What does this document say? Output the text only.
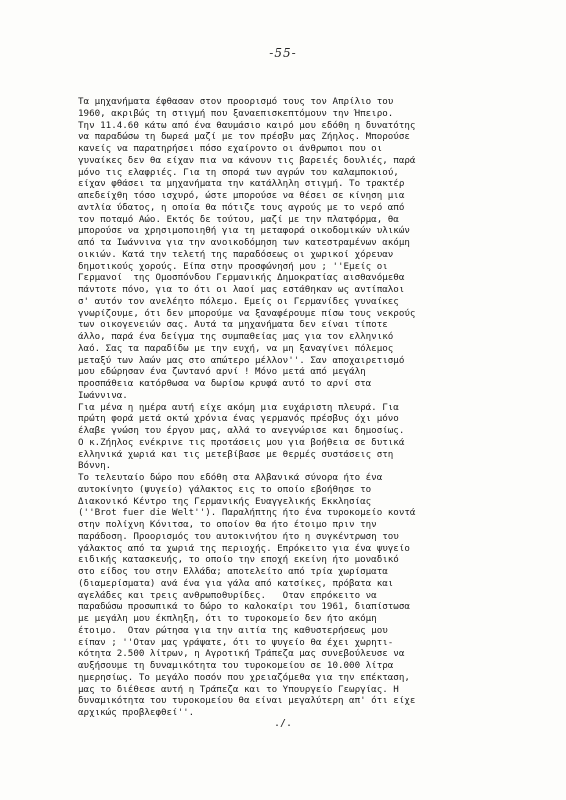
-55-
Τα μηχανήματα έφθασαν στον προορισμό τους τον Απρίλιο του
1960, ακριβώς τη στιγμή που ξαναεπισκεπτόμουν την Ήπειρο.
Την 11.4.60 κάτω από ένα θαυμάσιο καιρό μου εδόθη η δυνατότης
να παραδώσω τη δωρεά μαζί με τον πρέσβυ μας Ζήηλος. Μπορούσε
κανείς να παρατηρήσει πόσο εχαίροντο οι άνθρωποι που οι
γυναίκες δεν θα είχαν πια να κάνουν τις βαρειές δουλιές, παρά
μόνο τις ελαφριές. Για τη σπορά των αγρών του καλαμποκιού,
είχαν φθάσει τα μηχανήματα την κατάλληλη στιγμή. Το τρακτέρ
απεδείχθη τόσο ισχυρό, ώστε μπορούσε να θέσει σε κίνηση μια
αντλία ύδατος, η οποία θα πότιζε τους αγρούς με το νερό από
τον ποταμό Αώο. Εκτός δε τούτου, μαζί με την πλατφόρμα, θα
μπορούσε να χρησιμοποιηθή για τη μεταφορά οικοδομικών υλικών
από τα Ιωάννινα για την ανοικοδόμηση των κατεστραμένων ακόμη
οικιών. Κατά την τελετή της παραδόσεως οι χωρικοί χόρευαν
δημοτικούς χορούς. Είπα στην προσφώνησή μου ; ''Εμείς οι
Γερμανοί  της Ομοσπόνδου Γερμανικής Δημοκρατίας αισθανόμεθα
πάντοτε πόνο, για το ότι οι λαοί μας εστάθηκαν ως αντίπαλοι
σ' αυτόν τον ανελέητο πόλεμο. Εμείς οι Γερμανίδες γυναίκες
γνωρίζουμε, ότι δεν μπορούμε να ξαναφέρουμε πίσω τους νεκρούς
των οικογενειών σας. Αυτά τα μηχανήματα δεν είναι τίποτε
άλλο, παρά ένα δείγμα της συμπαθείας μας για τον ελληνικό
λαό. Σας τα παραδίδω με την ευχή, να μη ξαναγίνει πόλεμος
μεταξύ των λαών μας στο απώτερο μέλλον''. Σαν αποχαιρετισμό
μου εδώρησαν ένα ζωντανό αρνί ! Μόνο μετά από μεγάλη
προσπάθεια κατόρθωσα να δωρίσω κρυφά αυτό το αρνί στα
Ιωάννινα.
Για μένα η ημέρα αυτή είχε ακόμη μια ευχάριστη πλευρά. Για
πρώτη φορά μετά οκτώ χρόνια ένας γερμανός πρέσβυς όχι μόνο
έλαβε γνώση του έργου μας, αλλά το ανεγνώρισε και δημοσίως.
Ο κ.Ζήηλος ενέκρινε τις προτάσεις μου για βοήθεια σε δυτικά
ελληνικά χωριά και τις μετεβίβασε με θερμές συστάσεις στη
Βόννη.
Το τελευταίο δώρο που εδόθη στα Αλβανικά σύνορα ήτο ένα
αυτοκίνητο (ψυγείο) γάλακτος εις το οποίο εβοήθησε το
Διακονικό Κέντρο της Γερμανικής Ευαγγελικής Εκκλησίας
(''Brot fuer die Welt''). Παραλήπτης ήτο ένα τυροκομείο κοντά
στην πολίχνη Κόνιτσα, το οποίον θα ήτο έτοιμο πριν την
παράδοση. Προορισμός του αυτοκινήτου ήτο η συγκέντρωση του
γάλακτος από τα χωριά της περιοχής. Επρόκειτο για ένα ψυγείο
ειδικής κατασκευής, το οποίο την εποχή εκείνη ήτο μοναδικό
στο είδος του στην Ελλάδα; αποτελείτο από τρία χωρίσματα
(διαμερίσματα) ανά ένα για γάλα από κατσίκες, πρόβατα και
αγελάδες και τρεις ανθρωποθυρίδες.   Οταν επρόκειτο να
παραδώσω προσωπικά το δώρο το καλοκαίρι του 1961, διαπίστωσα
με μεγάλη μου έκπληξη, ότι το τυροκομείο δεν ήτο ακόμη
έτοιμο.  Οταν ρώτησα για την αιτία της καθυστερήσεως μου
είπαν ; ''Οταν μας γράψατε, ότι το ψυγείο θα έχει χωρητι-
κότητα 2.500 λίτρων, η Αγροτική Τράπεζα μας συνεβούλευσε να
αυξήσουμε τη δυναμικότητα του τυροκομείου σε 10.000 λίτρα
ημερησίως. Το μεγάλο ποσόν που χρειαζόμεθα για την επέκταση,
μας το διέθεσε αυτή η Τράπεζα και το Υπουργείο Γεωργίας. Η
δυναμικότητα του τυροκομείου θα είναι μεγαλύτερη απ' ότι είχε
αρχικώς προβλεφθεί''.
./.
